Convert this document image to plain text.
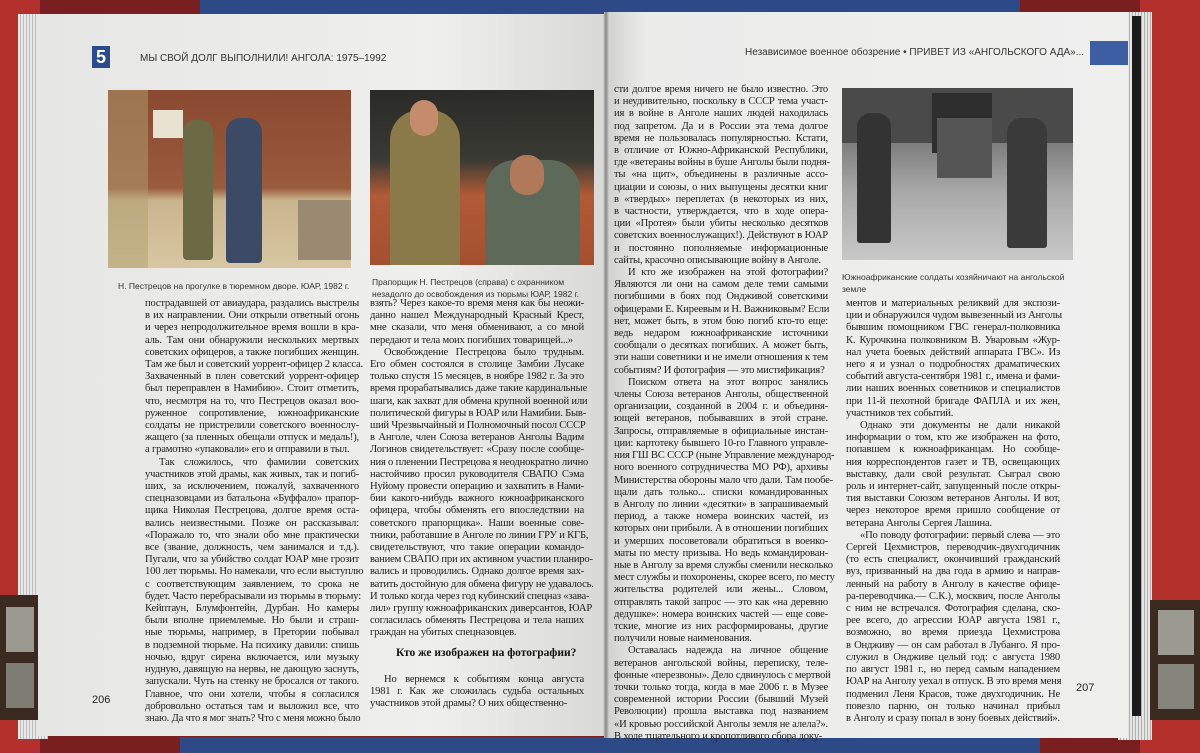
5	МЫ СВОЙ ДОЛГ ВЫПОЛНИЛИ! АНГОЛА: 1975–1992
Н. Пестрецов на прогулке в тюремном дворе. ЮАР, 1982 г.	Прапорщик Н. Пестрецов (справа) с охранником незадолго до освобождения из тюрьмы ЮАР, 1982 г.
пострадавшей от авиаудара, раздались выстрелы
в их направлении. Они открыли ответный огонь
и через непродолжительное время вошли в кра-
аль. Там они обнаружили нескольких мертвых
советских офицеров, а также погибших женщин.
Там же был и советский уоррент-офицер 2 класса.
Захваченный в плен советский уоррент-офицер
был переправлен в Намибию». Стоит отметить,
что, несмотря на то, что Пестрецов оказал воо-
руженное сопротивление, южноафриканские
солдаты не пристрелили советского военнослу-
жащего (за пленных обещали отпуск и медаль!),
а грамотно «упаковали» его и отправили в тыл.
Так сложилось, что фамилии советских
участников этой драмы, как живых, так и погиб-
ших, за исключением, пожалуй, захваченного
спецназовцами из батальона «Буффало» прапор-
щика Николая Пестрецова, долгое время оста-
вались неизвестными. Позже он рассказывал:
«Поражало то, что знали обо мне практически
все (звание, должность, чем занимался и т.д.).
Пугали, что за убийство солдат ЮАР мне грозит
100 лет тюрьмы. Но намекали, что если выступлю
с соответствующим заявлением, то срока не
будет. Часто перебрасывали из тюрьмы в тюрьму:
Кейптаун, Блумфонтейн, Дурбан. Но камеры
были вполне приемлемые. Но были и страш-
ные тюрьмы, например, в Претории побывал
в подземной тюрьме. На психику давили: спишь
ночью, вдруг сирена включается, или музыку
нудную, давящую на нервы, не дающую заснуть,
запускали. Чуть на стенку не бросался от такого.
Главное, что они хотели, чтобы я согласился
добровольно остаться там и выложил все, что
знаю. Да что я мог знать? Что с меня можно было
взять? Через какое-то время меня как бы неожи-
данно нашел Международный Красный Крест,
мне сказали, что меня обменивают, а со мной
передают и тела моих погибших товарищей...»
Освобождение Пестрецова было трудным.
Его обмен состоялся в столице Замбии Лусаке
только спустя 15 месяцев, в ноябре 1982 г. За это
время прорабатывались даже такие кардинальные
шаги, как захват для обмена крупной военной или
политической фигуры в ЮАР или Намибии. Быв-
ший Чрезвычайный и Полномочный посол СССР
в Анголе, член Союза ветеранов Анголы Вадим
Логинов свидетельствует: «Сразу после сообще-
ния о пленении Пестрецова я неоднократно лично
настойчиво просил руководителя СВАПО Сэма
Нуйому провести операцию и захватить в Нами-
бии какого-нибудь важного южноафриканского
офицера, чтобы обменять его впоследствии на
советского прапорщика». Наши военные сове-
тники, работавшие в Анголе по линии ГРУ и КГБ,
свидетельствуют, что такие операции командо-
ванием СВАПО при их активном участии планиро-
вались и проводились. Однако долгое время зах-
ватить достойную для обмена фигуру не удавалось.
И только когда через год кубинский спецназ «зава-
лил» группу южноафриканских диверсантов, ЮАР
согласилась обменять Пестрецова и тела наших
граждан на убитых спецназовцев.
Кто же изображен на фотографии?
Но вернемся к событиям конца августа
1981 г. Как же сложилась судьба остальных
участников этой драмы? О них общественно-
206
Независимое военное обозрение • ПРИВЕТ ИЗ «АНГОЛЬСКОГО АДА»...
Южноафриканские солдаты хозяйничают на ангольской земле
сти долгое время ничего не было известно. Это
и неудивительно, поскольку в СССР тема участ-
ия в войне в Анголе наших людей находилась
под запретом. Да и в России эта тема долгое
время не пользовалась популярностью. Кстати,
в отличие от Южно-Африканской Республики,
где «ветераны войны в буше Анголы были подня-
ты «на щит», объединены в различные ассо-
циации и союзы, о них выпущены десятки книг
в «твердых» переплетах (в некоторых из них,
в частности, утверждается, что в ходе опера-
ции «Протея» были убиты несколько десятков
советских военнослужащих!). Действуют в ЮАР
и постоянно пополняемые информационные
сайты, красочно описывающие войну в Анголе.
И кто же изображен на этой фотографии?
Являются ли они на самом деле теми самыми
погибшими в боях под Ондживой советскими
офицерами Е. Киреевым и Н. Важниковым? Если
нет, может быть, в этом бою погиб кто-то еще:
ведь недаром южноафриканские источники
сообщали о десятках погибших. А может быть,
эти наши советники и не имели отношения к тем
событиям? И фотография — это мистификация?
Поиском ответа на этот вопрос занялись
члены Союза ветеранов Анголы, общественной
организации, созданной в 2004 г. и объединя-
ющей ветеранов, побывавших в этой стране.
Запросы, отправляемые в официальные инстан-
ции: картотеку бывшего 10-го Главного управле-
ния ГШ ВС СССР (ныне Управление международ-
ного военного сотрудничества МО РФ), архивы
Министерства обороны мало что дали. Там пообе-
щали дать только... списки командированных
в Анголу по линии «десятки» в запрашиваемый
период, а также номера воинских частей, из
которых они прибыли. А в отношении погибших
и умерших посоветовали обратиться в военко-
маты по месту призыва. Но ведь командирован-
ные в Анголу за время службы сменили несколько
мест службы и похоронены, скорее всего, по месту
жительства родителей или жены... Словом,
отправлять такой запрос — это как «на деревню
дедушке»: номера воинских частей — еще сове-
тские, многие из них расформированы, другие
получили новые наименования.
Оставалась надежда на личное общение
ветеранов ангольской войны, переписку, теле-
фонные «перезвоны». Дело сдвинулось с мертвой
точки только тогда, когда в мае 2006 г. в Музее
современной истории России (бывший Музей
Революции) прошла выставка под названием
«И кровью российской Анголы земля не алела?».
В ходе тщательного и кропотливого сбора доку-
ментов и материальных реликвий для экспози-
ции и обнаружился чудом вывезенный из Анголы
бывшим помощником ГВС генерал-полковника
К. Курочкина полковником В. Уваровым «Жур-
нал учета боевых действий аппарата ГВС». Из
него я и узнал о подробностях драматических
событий августа-сентября 1981 г., имена и фами-
лии наших военных советников и специалистов
при 11-й пехотной бригаде ФАПЛА и их жен,
участников тех событий.
Однако эти документы не дали никакой
информации о том, кто же изображен на фото,
попавшем к южноафриканцам. Но сообще-
ния корреспондентов газет и ТВ, освещающих
выставку, дали свой результат. Сыграл свою
роль и интернет-сайт, запущенный после откры-
тия выставки Союзом ветеранов Анголы. И вот,
через некоторое время пришло сообщение от
ветерана Анголы Сергея Лашина.
«По поводу фотографии: первый слева — это
Сергей Цехмистров, переводчик-двухгодичник
(то есть специалист, окончивший гражданский
вуз, призванный на два года в армию и направ-
ленный на работу в Анголу в качестве офице-
ра-переводчика.— С.К.), москвич, после Анголы
с ним не встречался. Фотография сделана, ско-
рее всего, до агрессии ЮАР августа 1981 г.,
возможно, во время приезда Цехмистрова
в Ондживу — он сам работал в Лубанго. Я про-
служил в Ондживе целый год: с августа 1980
по август 1981 г., но перед самым нападением
ЮАР на Анголу уехал в отпуск. В это время меня
подменил Леня Красов, тоже двухгодичник. Не
повезло парню, он только начинал прибыл
в Анголу и сразу попал в зону боевых действий».
207
